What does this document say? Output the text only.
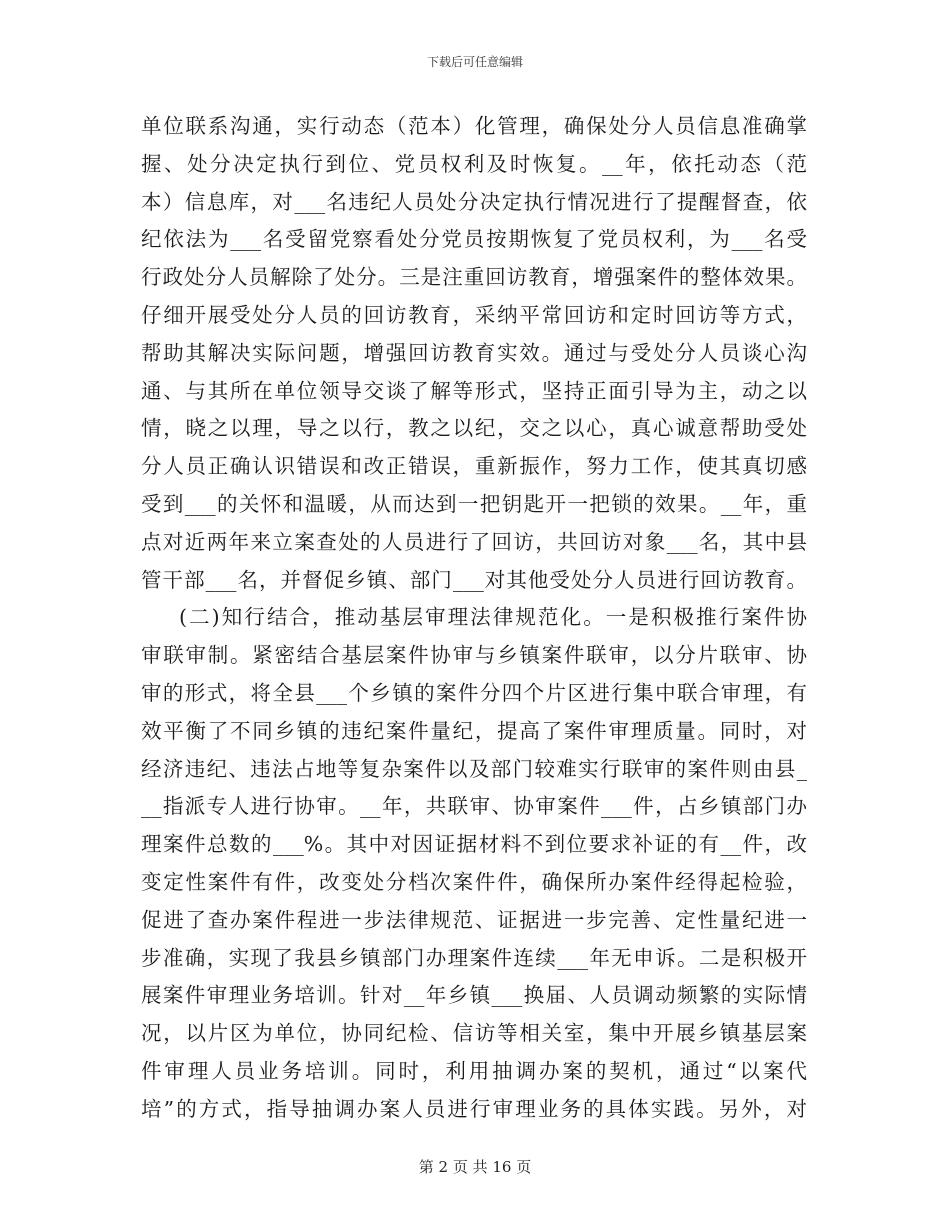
下载后可任意编辑
单位联系沟通，实行动态（范本）化管理，确保处分人员信息准确掌
握、处分决定执行到位、党员权利及时恢复。__年，依托动态（范
本）信息库，对___名违纪人员处分决定执行情况进行了提醒督查，依
纪依法为___名受留党察看处分党员按期恢复了党员权利，为___名受
行政处分人员解除了处分。三是注重回访教育，增强案件的整体效果。
仔细开展受处分人员的回访教育，采纳平常回访和定时回访等方式，
帮助其解决实际问题，增强回访教育实效。通过与受处分人员谈心沟
通、与其所在单位领导交谈了解等形式，坚持正面引导为主，动之以
情，晓之以理，导之以行，教之以纪，交之以心，真心诚意帮助受处
分人员正确认识错误和改正错误，重新振作，努力工作，使其真切感
受到___的关怀和温暖，从而达到一把钥匙开一把锁的效果。__年，重
点对近两年来立案查处的人员进行了回访，共回访对象___名，其中县
管干部___名，并督促乡镇、部门___对其他受处分人员进行回访教育。
(二)知行结合，推动基层审理法律规范化。一是积极推行案件协
审联审制。紧密结合基层案件协审与乡镇案件联审，以分片联审、协
审的形式，将全县___个乡镇的案件分四个片区进行集中联合审理，有
效平衡了不同乡镇的违纪案件量纪，提高了案件审理质量。同时，对
经济违纪、违法占地等复杂案件以及部门较难实行联审的案件则由县_
__指派专人进行协审。__年，共联审、协审案件___件，占乡镇部门办
理案件总数的___%。其中对因证据材料不到位要求补证的有__件，改
变定性案件有件，改变处分档次案件件，确保所办案件经得起检验，
促进了查办案件程进一步法律规范、证据进一步完善、定性量纪进一
步准确，实现了我县乡镇部门办理案件连续___年无申诉。二是积极开
展案件审理业务培训。针对__年乡镇___换届、人员调动频繁的实际情
况，以片区为单位，协同纪检、信访等相关室，集中开展乡镇基层案
件审理人员业务培训。同时，利用抽调办案的契机，通过“以案代
培”的方式，指导抽调办案人员进行审理业务的具体实践。另外，对
第 2 页 共 16 页
